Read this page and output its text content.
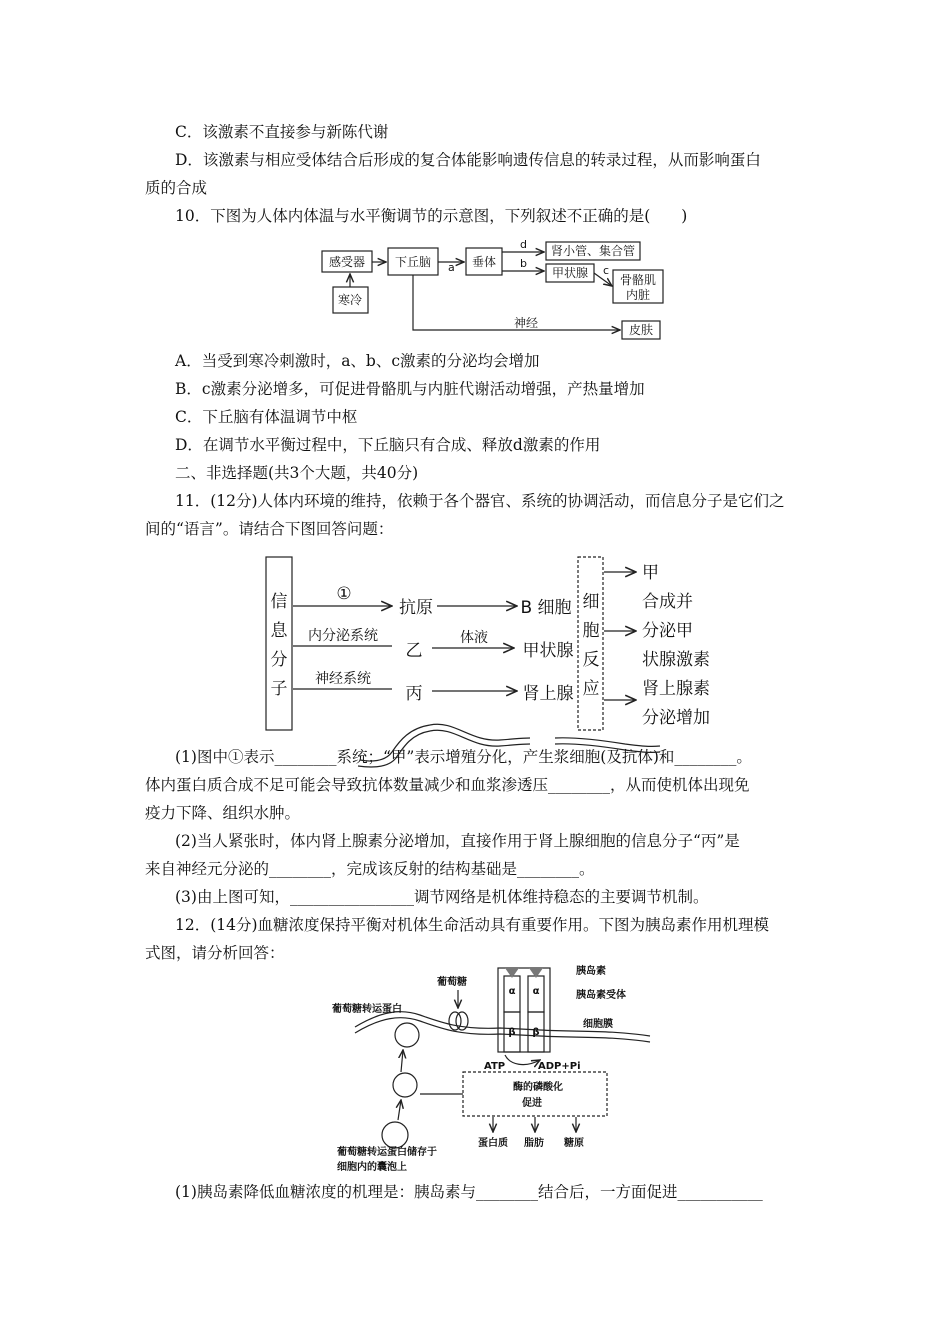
C．该激素不直接参与新陈代谢
D．该激素与相应受体结合后形成的复合体能影响遗传信息的转录过程，从而影响蛋白
质的合成
10．下图为人体内体温与水平衡调节的示意图，下列叙述不正确的是(　　)
感受器
寒冷
下丘脑	垂体
肾小管、集合管
甲状腺	骨骼肌
内脏
皮肤
神经
a
d
b
c
A．当受到寒冷刺激时，a、b、c激素的分泌均会增加
B．c激素分泌增多，可促进骨骼肌与内脏代谢活动增强，产热量增加
C．下丘脑有体温调节中枢
D．在调节水平衡过程中，下丘脑只有合成、释放d激素的作用
二、非选择题(共3个大题，共40分)
11．(12分)人体内环境的维持，依赖于各个器官、系统的协调活动，而信息分子是它们之
间的“语言”。请结合下图回答问题：
信
息
分
子
①
抗原	B 细胞
乙	甲状腺
丙	肾上腺
细
胞
反
应
甲
合成并
分泌甲
状腺激素
肾上腺素
分泌增加
内分泌系统	体液
神经系统
(1)图中①表示________系统；“甲”表示增殖分化，产生浆细胞(及抗体)和________。
体内蛋白质合成不足可能会导致抗体数量减少和血浆渗透压________，从而使机体出现免
疫力下降、组织水肿。
(2)当人紧张时，体内肾上腺素分泌增加，直接作用于肾上腺细胞的信息分子“丙”是
来自神经元分泌的________，完成该反射的结构基础是________。
(3)由上图可知，________________调节网络是机体维持稳态的主要调节机制。
12．(14分)血糖浓度保持平衡对机体生命活动具有重要作用。下图为胰岛素作用机理模
式图，请分析回答：
胰岛素
胰岛素受体
细胞膜
葡萄糖
葡萄糖转运蛋白
α α
β β
ATP	ADP+Pi
酶的磷酸化
促进
蛋白质 脂肪 糖原
葡萄糖转运蛋白储存于
细胞内的囊泡上
(1)胰岛素降低血糖浓度的机理是：胰岛素与________结合后，一方面促进___________
